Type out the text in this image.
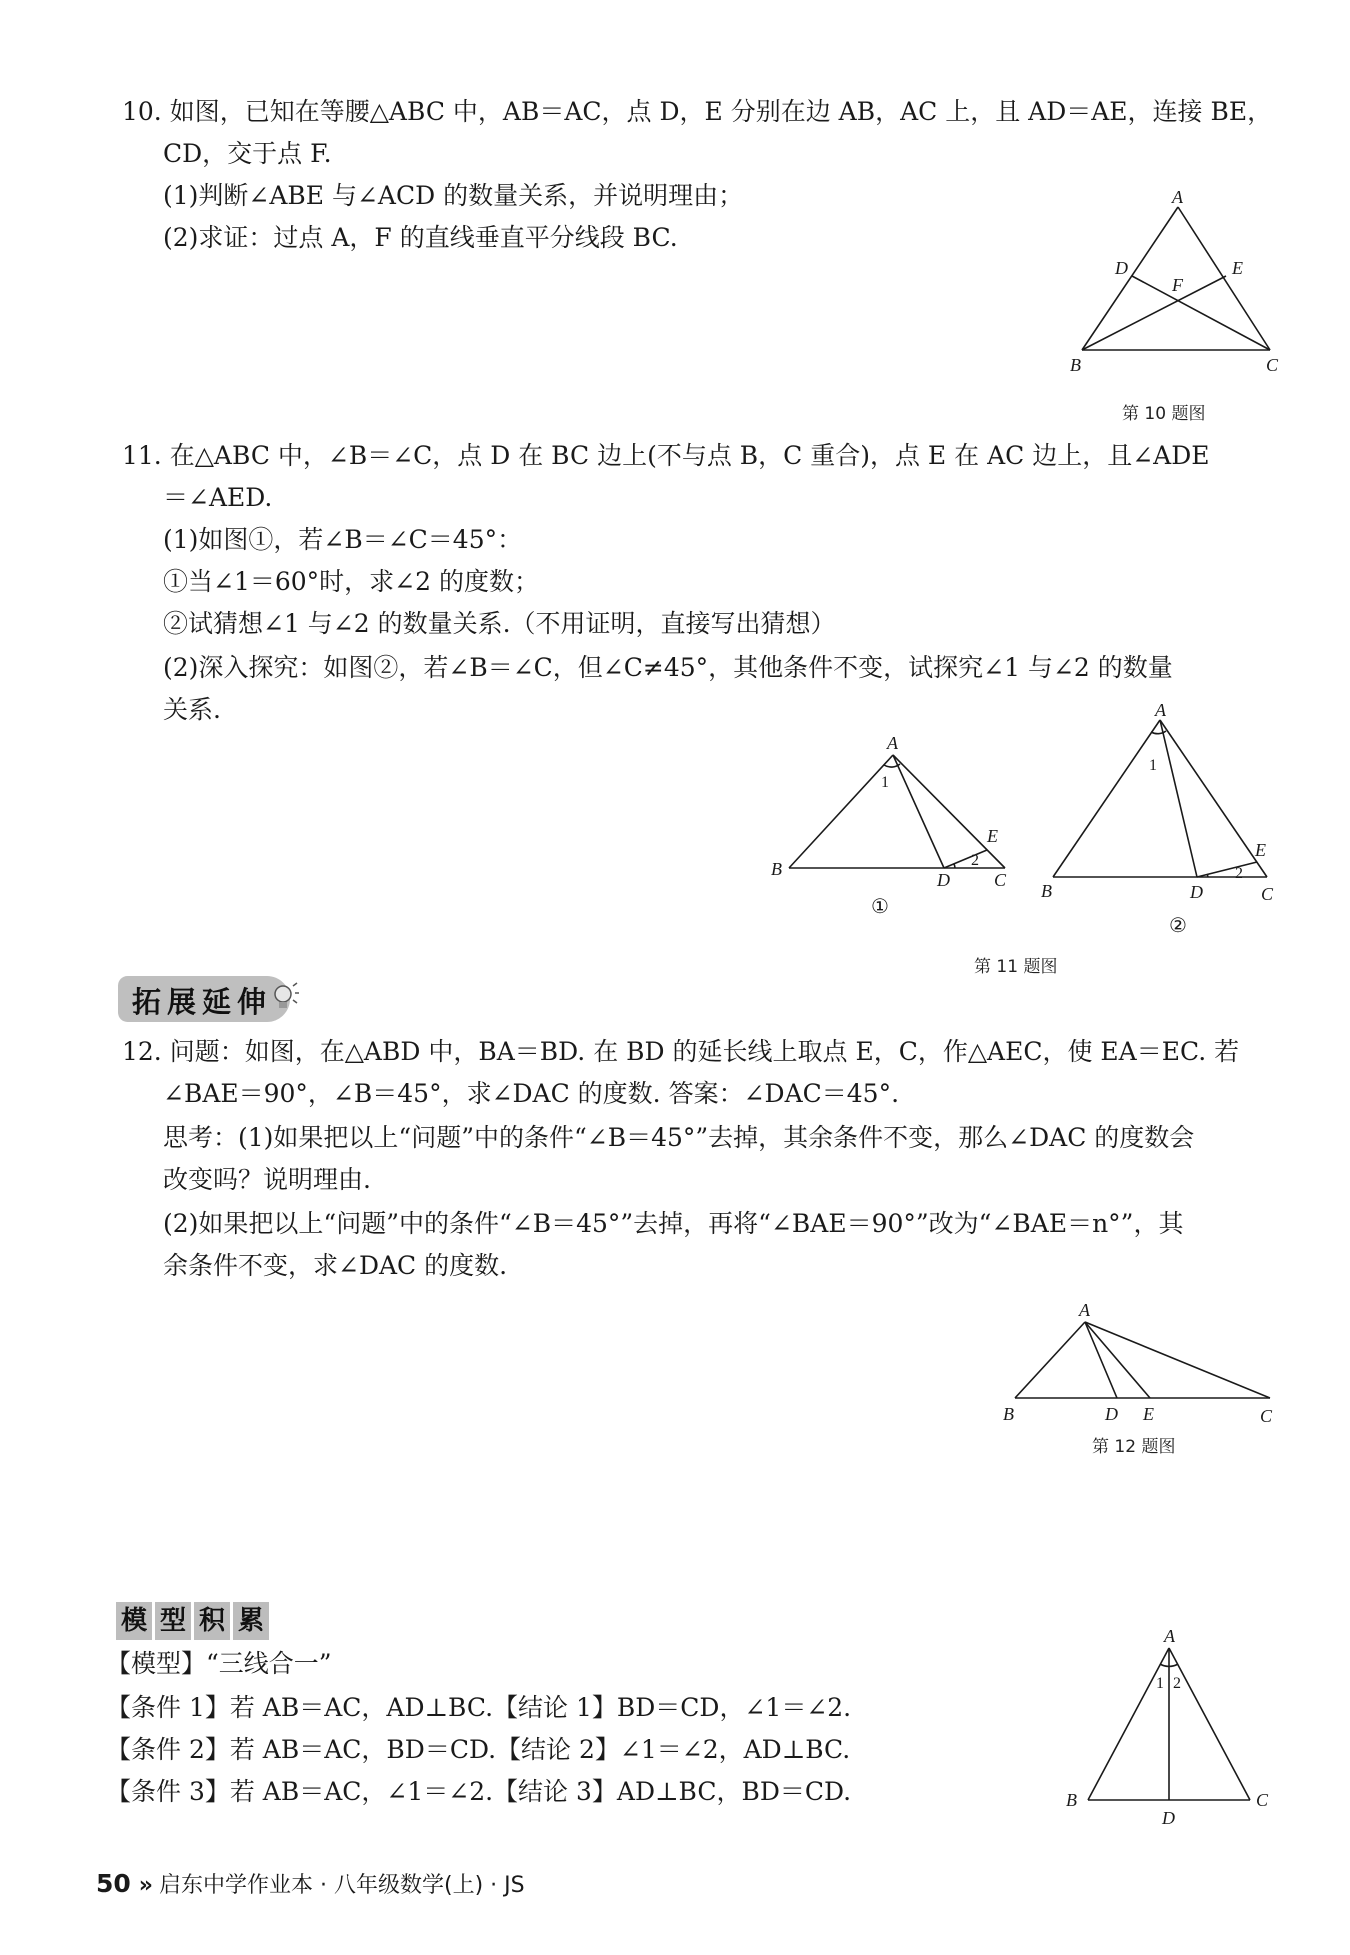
10. 如图，已知在等腰△ABC 中，AB＝AC，点 D，E 分别在边 AB，AC 上，且 AD＝AE，连接 BE，
CD，交于点 F.
(1)判断∠ABE 与∠ACD 的数量关系，并说明理由；
(2)求证：过点 A，F 的直线垂直平分线段 BC.
A
B	C
D	E
F
第 10 题图
11. 在△ABC 中，∠B＝∠C，点 D 在 BC 边上(不与点 B，C 重合)，点 E 在 AC 边上，且∠ADE
＝∠AED.
(1)如图①，若∠B＝∠C＝45°：
①当∠1＝60°时，求∠2 的度数；
②试猜想∠1 与∠2 的数量关系.（不用证明，直接写出猜想）
(2)深入探究：如图②，若∠B＝∠C，但∠C≠45°，其他条件不变，试探究∠1 与∠2 的数量
关系.
A
B
C
D
E
1
2
①
A
B	C
D
E
1
2
②
第 11 题图
拓展延伸
12. 问题：如图，在△ABD 中，BA＝BD. 在 BD 的延长线上取点 E，C，作△AEC，使 EA＝EC. 若
∠BAE＝90°，∠B＝45°，求∠DAC 的度数. 答案：∠DAC＝45°.
思考：(1)如果把以上“问题”中的条件“∠B＝45°”去掉，其余条件不变，那么∠DAC 的度数会
改变吗？说明理由.
(2)如果把以上“问题”中的条件“∠B＝45°”去掉，再将“∠BAE＝90°”改为“∠BAE＝n°”，其
余条件不变，求∠DAC 的度数.
A
B	C
D E
第 12 题图
模 型 积 累
【模型】“三线合一”
【条件 1】若 AB＝AC，AD⊥BC.【结论 1】BD＝CD，∠1＝∠2.
【条件 2】若 AB＝AC，BD＝CD.【结论 2】∠1＝∠2，AD⊥BC.
【条件 3】若 AB＝AC，∠1＝∠2.【结论 3】AD⊥BC，BD＝CD.
A
B	C
D
1 2
50 » 启东中学作业本 · 八年级数学(上) · JS
